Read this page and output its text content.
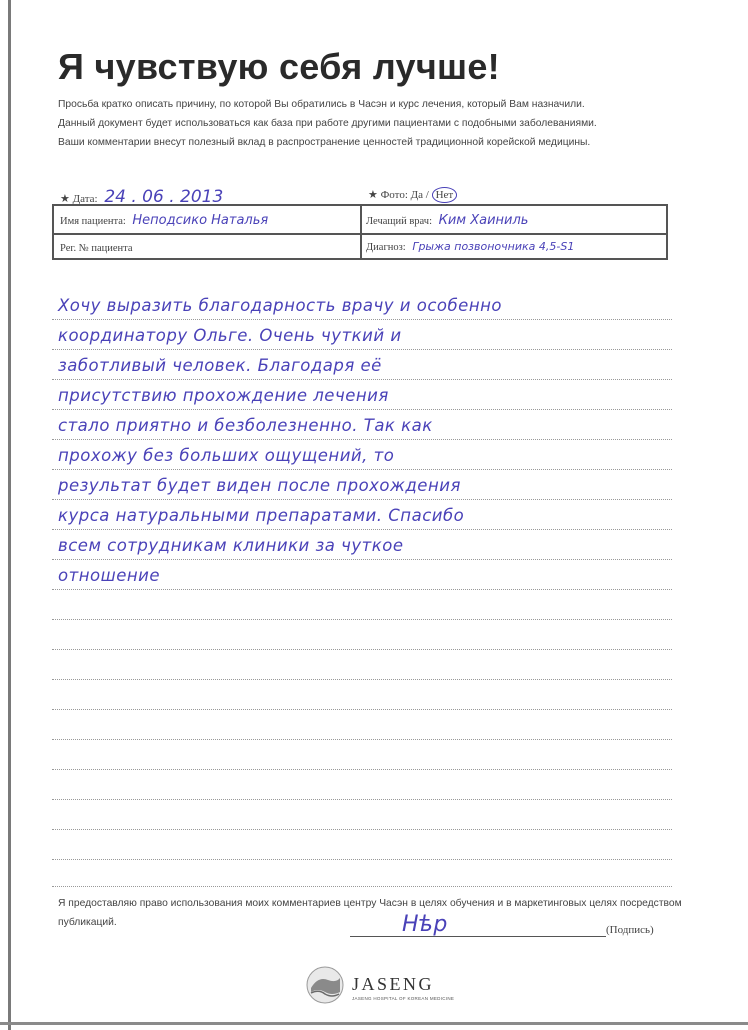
Я чувствую себя лучше!
Просьба кратко описать причину, по которой Вы обратились в Часэн и курс лечения, который Вам назначили.
Данный документ будет использоваться как база при работе другими пациентами с подобными заболеваниями.
Ваши комментарии внесут полезный вклад в распространение ценностей традиционной корейской медицины.
★ Дата: 24 . 06 . 2013	★ Фото: Да / Нет
Имя пациента: Неподсико Наталья	Лечащий врач: Ким Хаиниль
Рег. № пациента	Диагноз: Грыжа позвоночника 4,5-S1
Хочу выразить благодарность врачу и особенно
координатору Ольге. Очень чуткий и
заботливый человек. Благодаря её
присутствию прохождение лечения
стало приятно и безболезненно. Так как
прохожу без больших ощущений, то
результат будет виден после прохождения
курса натуральными препаратами. Спасибо
всем сотрудникам клиники за чуткое
отношение
Я предоставляю право использования моих комментариев центру Часэн в целях обучения и в маркетинговых целях посредством публикаций.	Нѣр	(Подпись)
JASENG
JASENG HOSPITAL OF KOREAN MEDICINE
